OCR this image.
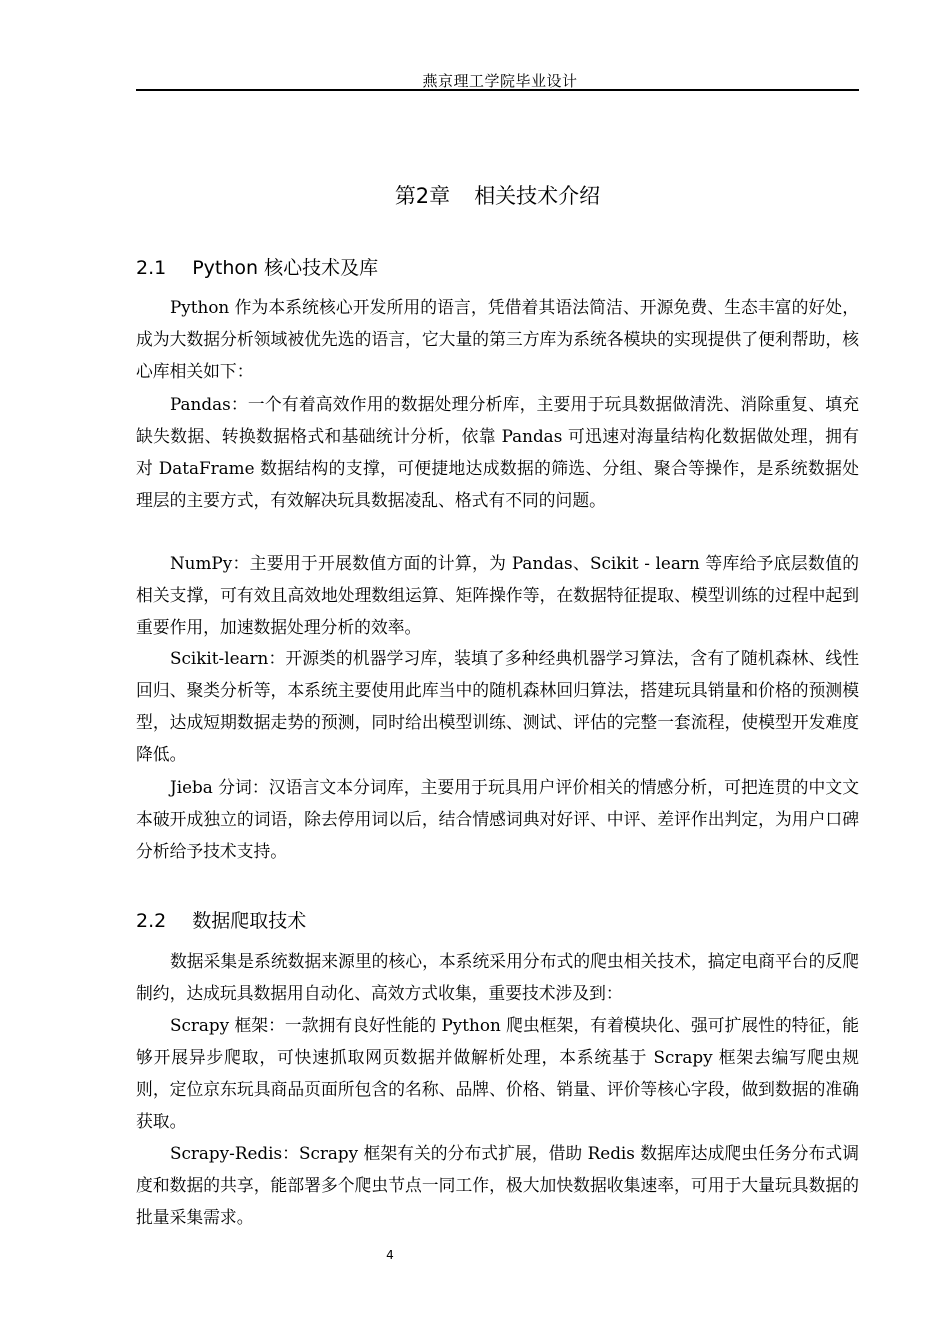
燕京理工学院毕业设计
第2章 相关技术介绍
2.1 Python 核心技术及库

Python 作为本系统核心开发所用的语言，凭借着其语法简洁、开源免费、生态丰富的好处，成为大数据分析领域被优先选的语言，它大量的第三方库为系统各模块的实现提供了便利帮助，核心库相关如下：

Pandas：一个有着高效作用的数据处理分析库，主要用于玩具数据做清洗、消除重复、填充缺失数据、转换数据格式和基础统计分析，依靠 Pandas 可迅速对海量结构化数据做处理，拥有对 DataFrame 数据结构的支撑，可便捷地达成数据的筛选、分组、聚合等操作，是系统数据处理层的主要方式，有效解决玩具数据凌乱、格式有不同的问题。

NumPy：主要用于开展数值方面的计算，为 Pandas、Scikit - learn 等库给予底层数值的相关支撑，可有效且高效地处理数组运算、矩阵操作等，在数据特征提取、模型训练的过程中起到重要作用，加速数据处理分析的效率。

Scikit-learn：开源类的机器学习库，装填了多种经典机器学习算法，含有了随机森林、线性回归、聚类分析等，本系统主要使用此库当中的随机森林回归算法，搭建玩具销量和价格的预测模型，达成短期数据走势的预测，同时给出模型训练、测试、评估的完整一套流程，使模型开发难度降低。

Jieba 分词：汉语言文本分词库，主要用于玩具用户评价相关的情感分析，可把连贯的中文文本破开成独立的词语，除去停用词以后，结合情感词典对好评、中评、差评作出判定，为用户口碑分析给予技术支持。

2.2 数据爬取技术

数据采集是系统数据来源里的核心，本系统采用分布式的爬虫相关技术，搞定电商平台的反爬制约，达成玩具数据用自动化、高效方式收集，重要技术涉及到：

Scrapy 框架：一款拥有良好性能的 Python 爬虫框架，有着模块化、强可扩展性的特征，能够开展异步爬取，可快速抓取网页数据并做解析处理，本系统基于 Scrapy 框架去编写爬虫规则，定位京东玩具商品页面所包含的名称、品牌、价格、销量、评价等核心字段，做到数据的准确获取。

Scrapy-Redis：Scrapy 框架有关的分布式扩展，借助 Redis 数据库达成爬虫任务分布式调度和数据的共享，能部署多个爬虫节点一同工作，极大加快数据收集速率，可用于大量玩具数据的批量采集需求。

4
